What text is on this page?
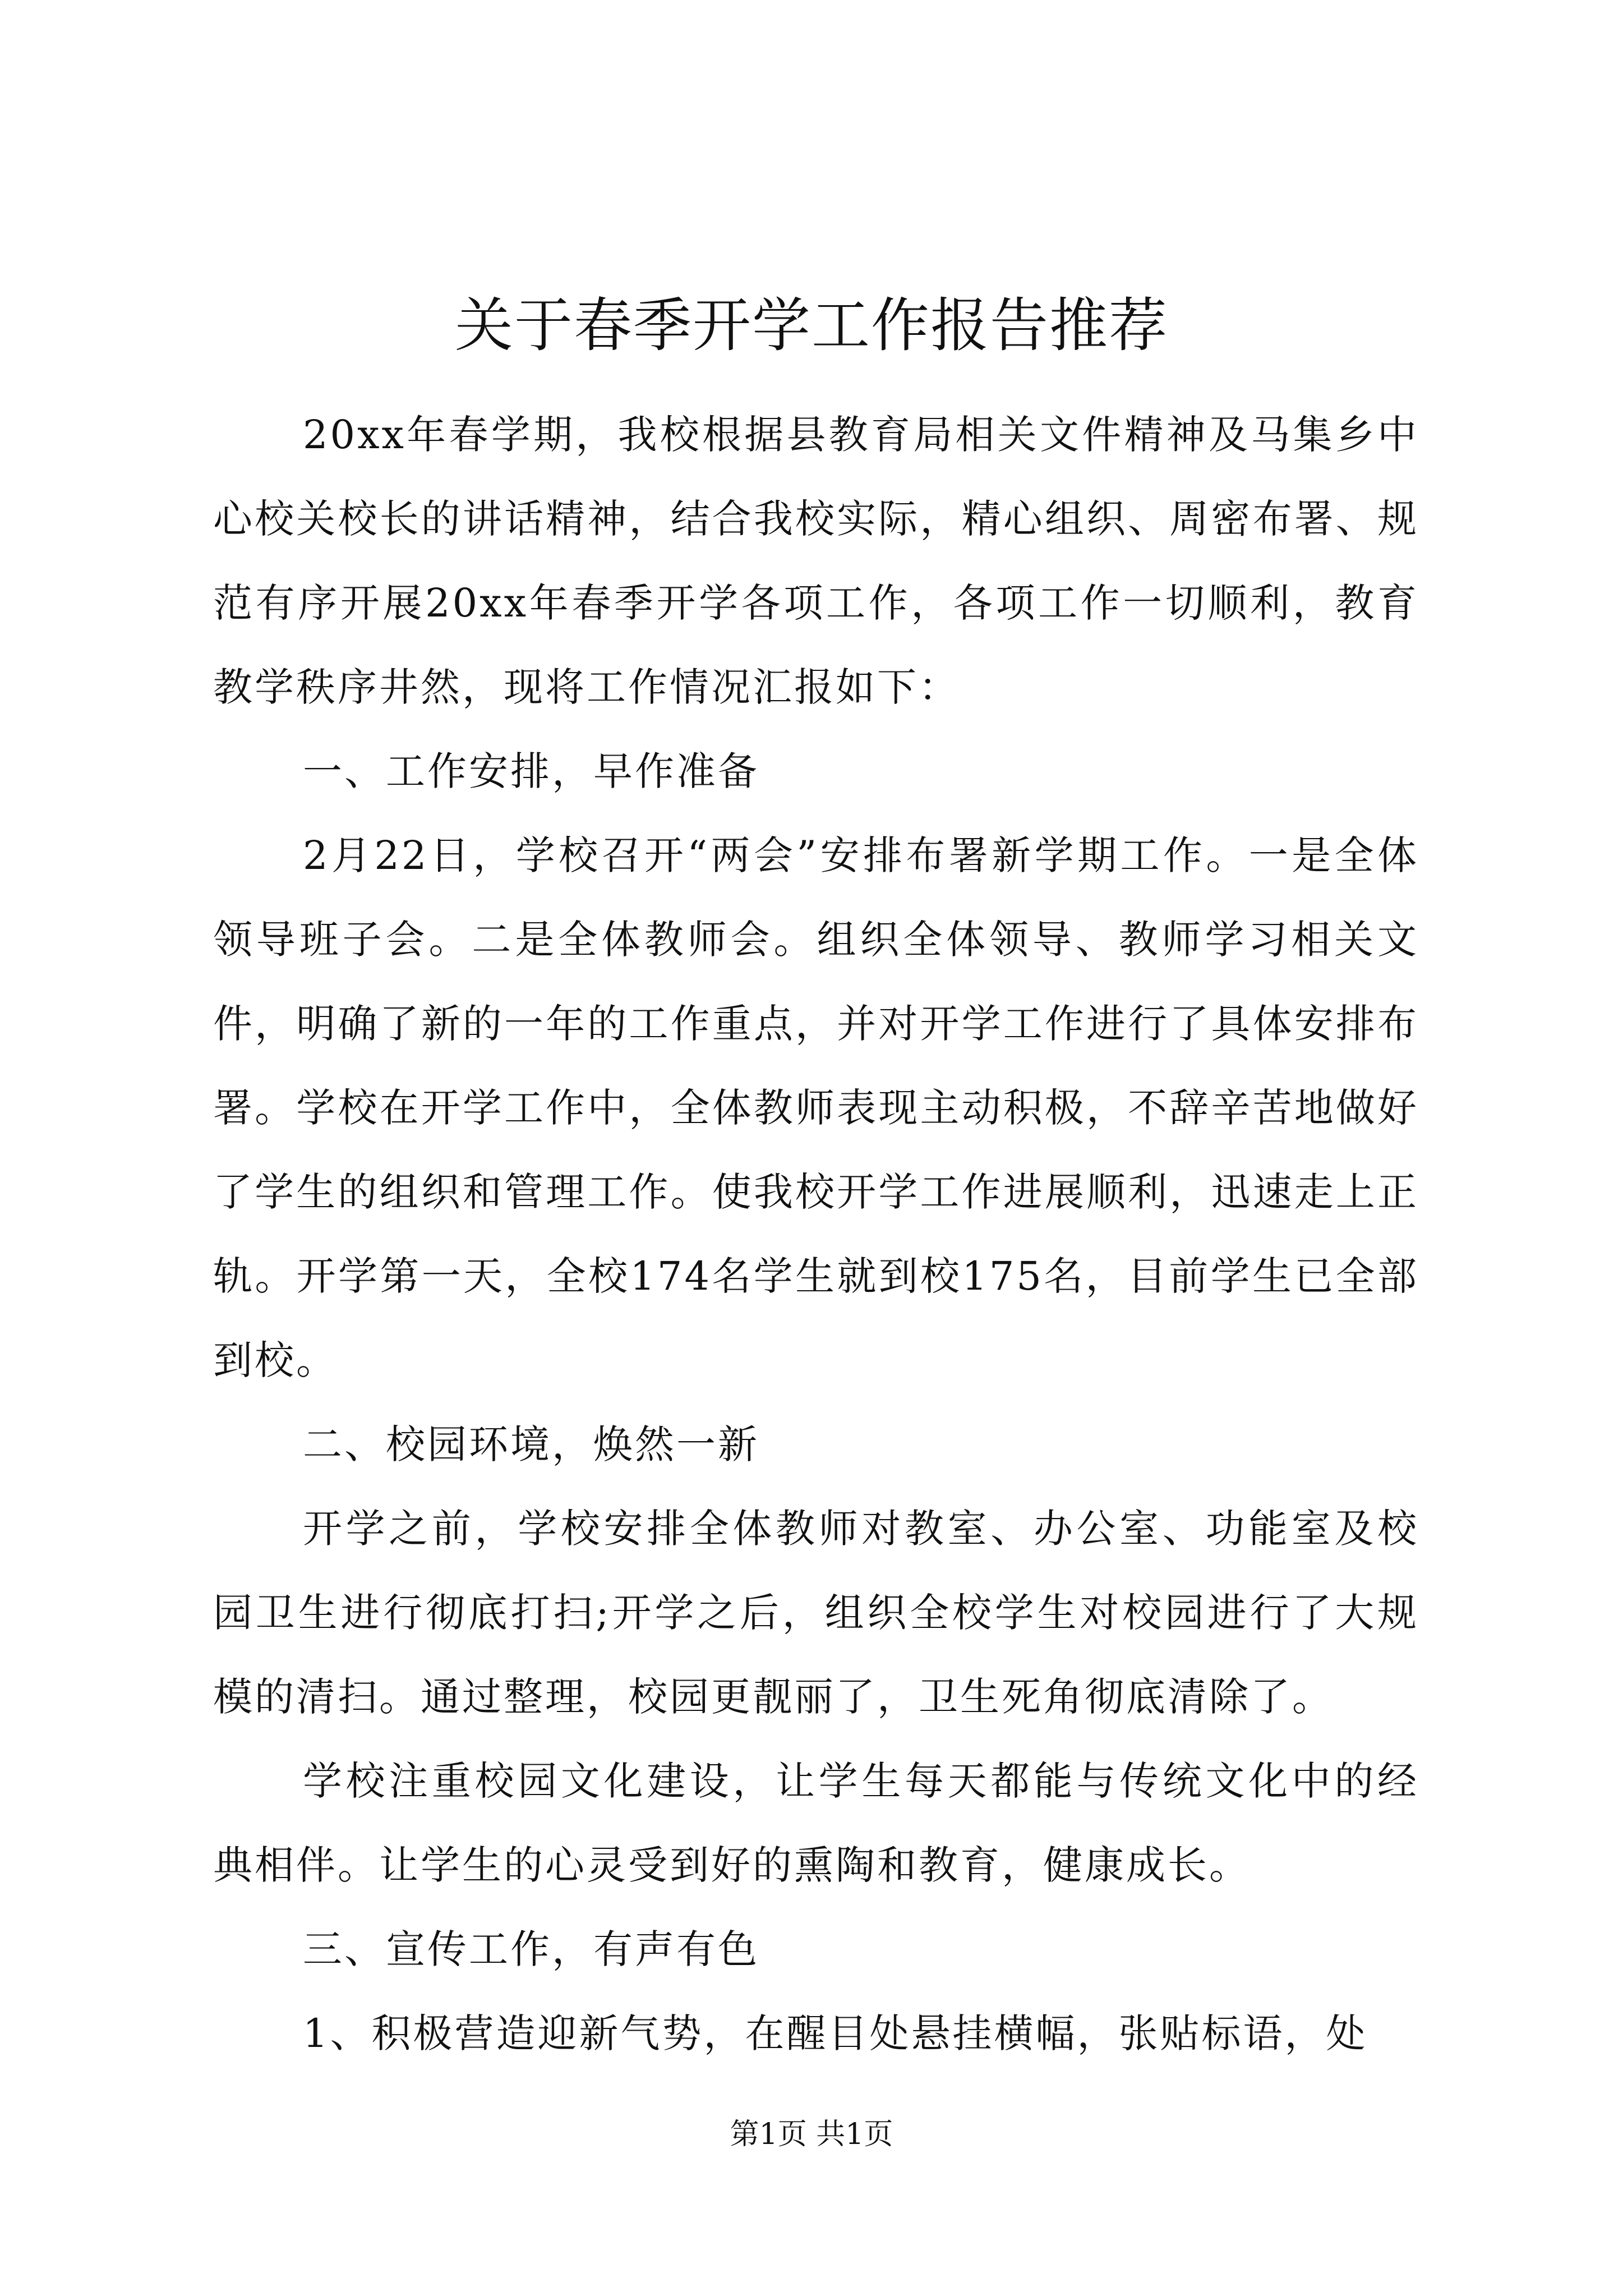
关于春季开学工作报告推荐

20xx年春学期，我校根据县教育局相关文件精神及马集乡中心校关校长的讲话精神，结合我校实际，精心组织、周密布署、规范有序开展20xx年春季开学各项工作，各项工作一切顺利，教育教学秩序井然，现将工作情况汇报如下：

一、工作安排，早作准备

2月22日，学校召开“两会”安排布署新学期工作。一是全体领导班子会。二是全体教师会。组织全体领导、教师学习相关文件，明确了新的一年的工作重点，并对开学工作进行了具体安排布署。学校在开学工作中，全体教师表现主动积极，不辞辛苦地做好了学生的组织和管理工作。使我校开学工作进展顺利，迅速走上正轨。开学第一天，全校174名学生就到校175名，目前学生已全部到校。

二、校园环境，焕然一新

开学之前，学校安排全体教师对教室、办公室、功能室及校园卫生进行彻底打扫;开学之后，组织全校学生对校园进行了大规模的清扫。通过整理，校园更靓丽了，卫生死角彻底清除了。

学校注重校园文化建设，让学生每天都能与传统文化中的经典相伴。让学生的心灵受到好的熏陶和教育，健康成长。

三、宣传工作，有声有色

1、积极营造迎新气势，在醒目处悬挂横幅，张贴标语，处

第1页 共1页
